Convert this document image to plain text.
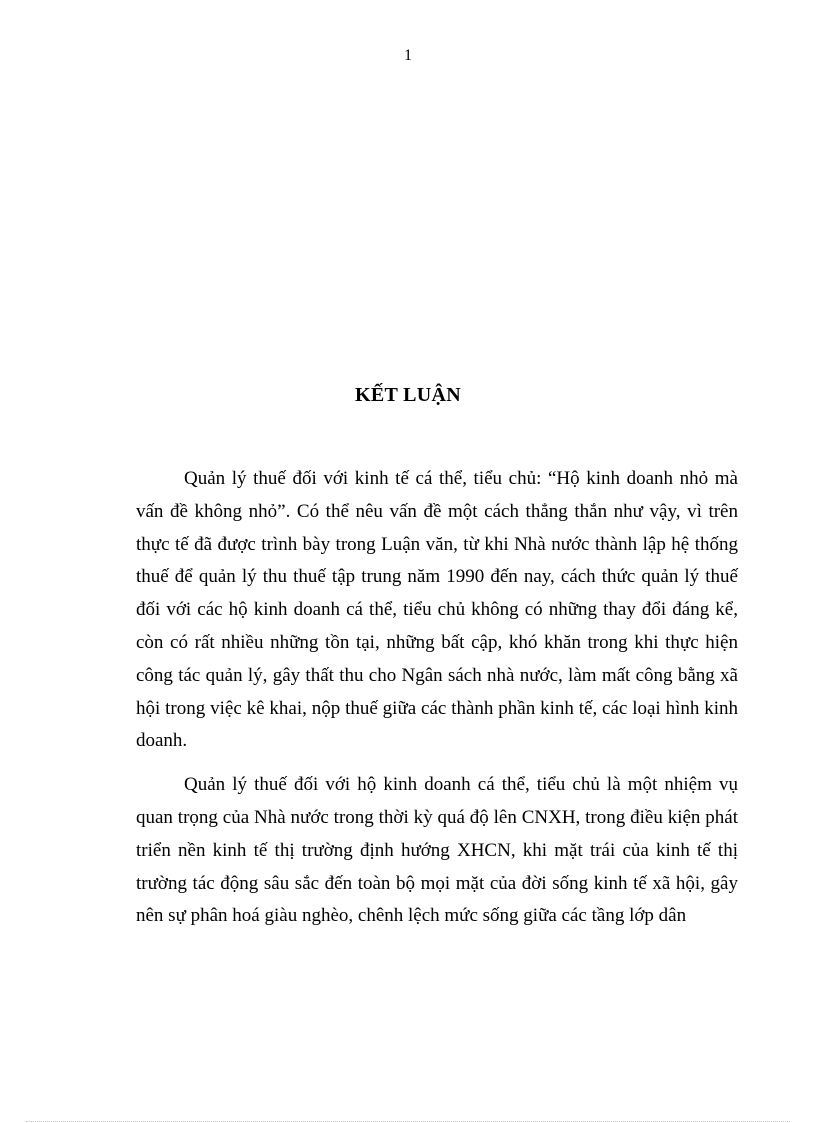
1
KẾT LUẬN

Quản lý thuế đối với kinh tế cá thể, tiểu chủ: “Hộ kinh doanh nhỏ mà vấn đề không nhỏ”. Có thể nêu vấn đề một cách thẳng thắn như vậy, vì trên thực tế đã được trình bày trong Luận văn, từ khi Nhà nước thành lập hệ thống thuế để quản lý thu thuế tập trung năm 1990 đến nay, cách thức quản lý thuế đối với các hộ kinh doanh cá thể, tiểu chủ không có những thay đổi đáng kể, còn có rất nhiều những tồn tại, những bất cập, khó khăn trong khi thực hiện công tác quản lý, gây thất thu cho Ngân sách nhà nước, làm mất công bằng xã hội trong việc kê khai, nộp thuế giữa các thành phần kinh tế, các loại hình kinh doanh.

Quản lý thuế đối với hộ kinh doanh cá thể, tiểu chủ là một nhiệm vụ quan trọng của Nhà nước trong thời kỳ quá độ lên CNXH, trong điều kiện phát triển nền kinh tế thị trường định hướng XHCN, khi mặt trái của kinh tế thị trường tác động sâu sắc đến toàn bộ mọi mặt của đời sống kinh tế xã hội, gây nên sự phân hoá giàu nghèo, chênh lệch mức sống giữa các tầng lớp dân
